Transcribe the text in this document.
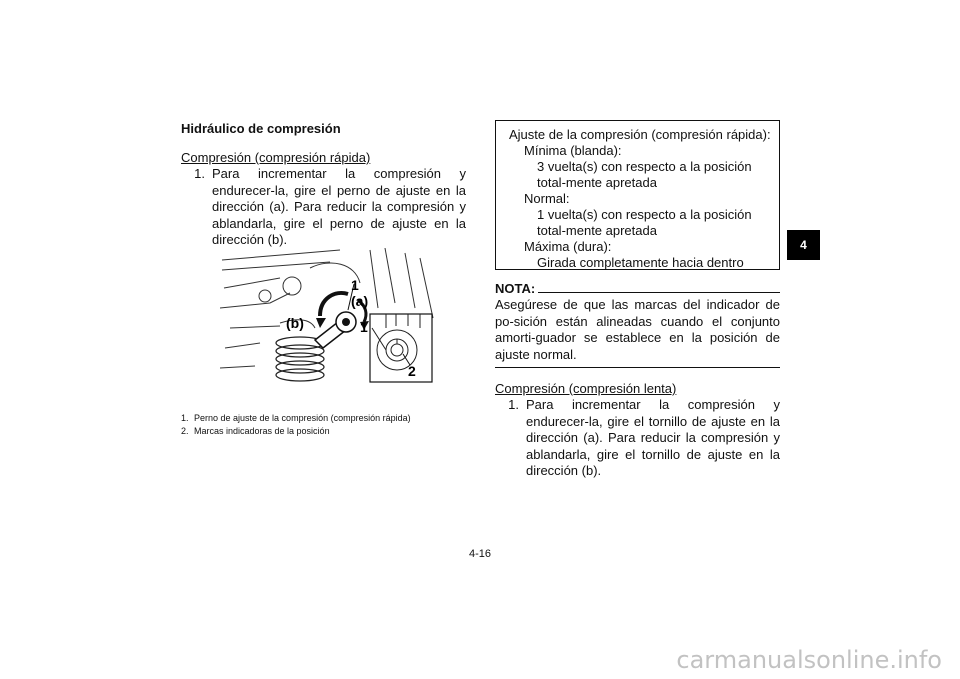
Hidráulico de compresión
Compresión (compresión rápida)
1. Para incrementar la compresión y endurecer-la, gire el perno de ajuste en la dirección (a). Para reducir la compresión y ablandarla, gire el perno de ajuste en la dirección (b).
1
(a)
(b)	1
2
1. Perno de ajuste de la compresión (compresión rápida)
2. Marcas indicadoras de la posición
Ajuste de la compresión (compresión rápida):
Mínima (blanda):
3 vuelta(s) con respecto a la posición total-mente apretada
Normal:
1 vuelta(s) con respecto a la posición total-mente apretada
Máxima (dura):
Girada completamente hacia dentro
NOTA:
Asegúrese de que las marcas del indicador de po-sición están alineadas cuando el conjunto amorti-guador se establece en la posición de ajuste normal.
Compresión (compresión lenta)
1. Para incrementar la compresión y endurecer-la, gire el tornillo de ajuste en la dirección (a). Para reducir la compresión y ablandarla, gire el tornillo de ajuste en la dirección (b).
4
4-16
carmanualsonline.info
